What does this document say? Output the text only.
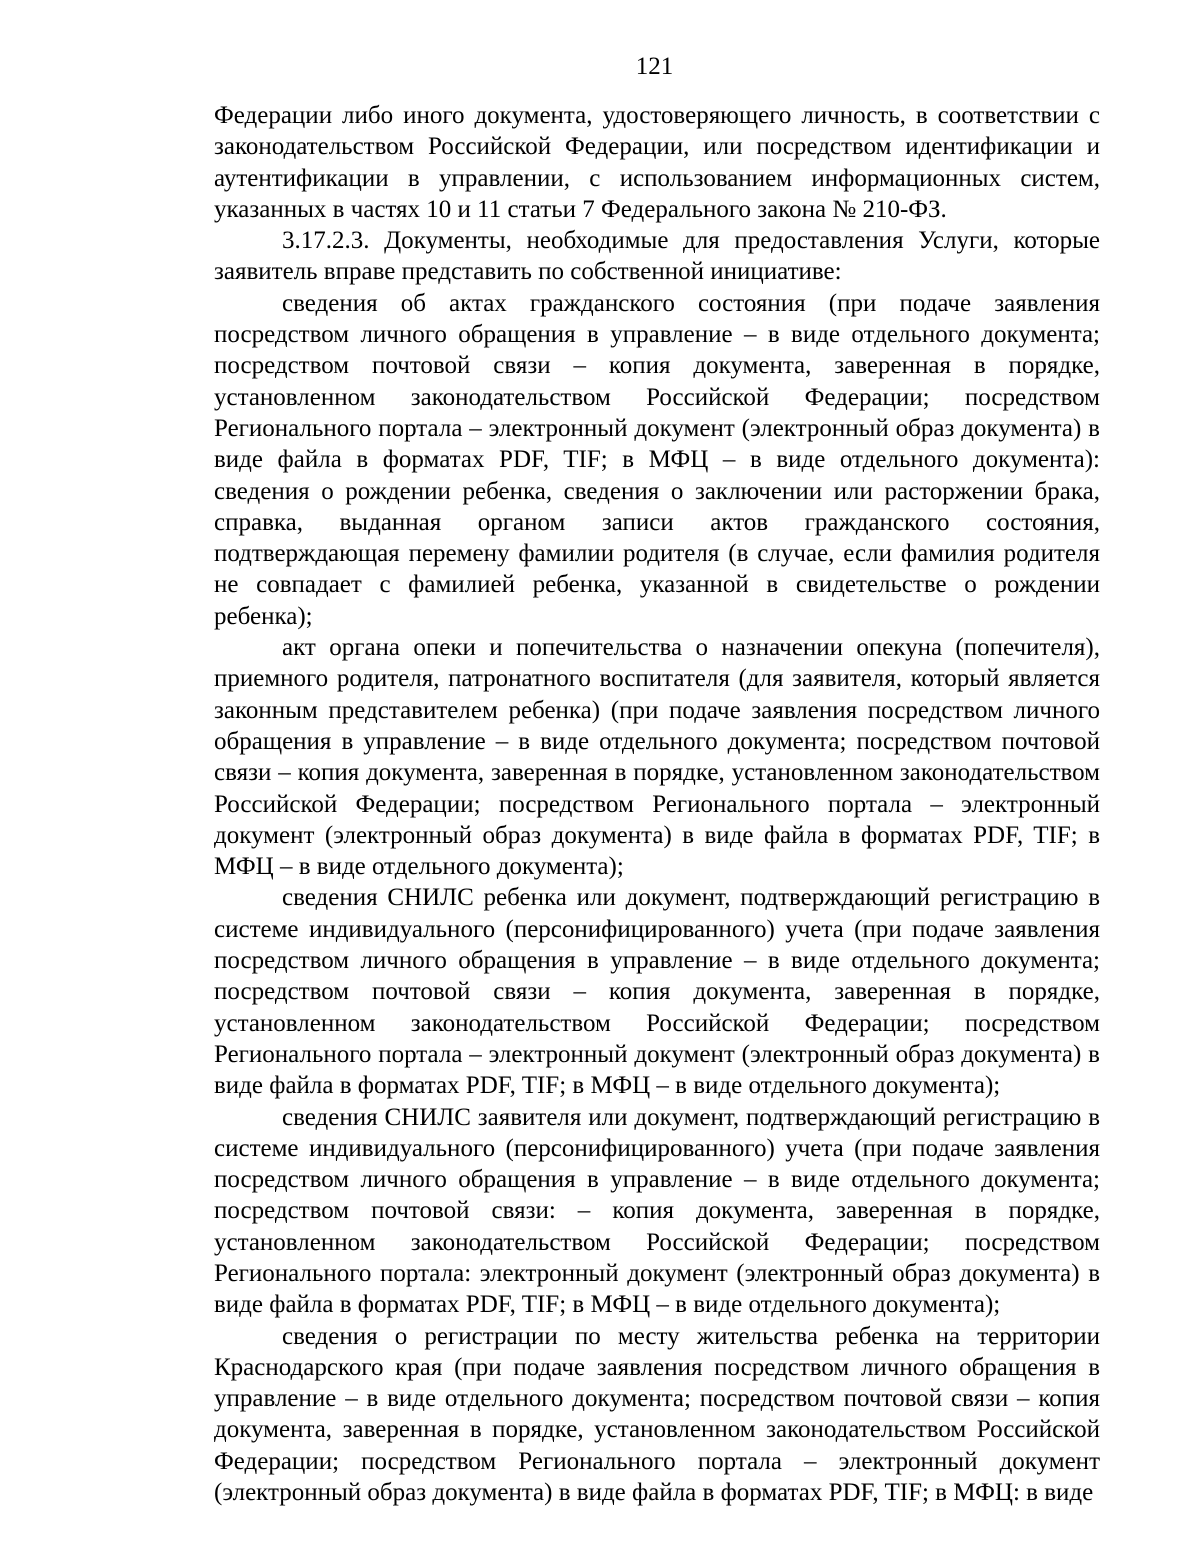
121

Федерации либо иного документа, удостоверяющего личность, в соответствии с законодательством Российской Федерации, или посредством идентификации и аутентификации в управлении, с использованием информационных систем, указанных в частях 10 и 11 статьи 7 Федерального закона № 210-ФЗ.

3.17.2.3. Документы, необходимые для предоставления Услуги, которые заявитель вправе представить по собственной инициативе:

сведения об актах гражданского состояния (при подаче заявления посредством личного обращения в управление – в виде отдельного документа; посредством почтовой связи – копия документа, заверенная в порядке, установленном законодательством Российской Федерации; посредством Регионального портала – электронный документ (электронный образ документа) в виде файла в форматах PDF, TIF; в МФЦ – в виде отдельного документа): сведения о рождении ребенка, сведения о заключении или расторжении брака, справка, выданная органом записи актов гражданского состояния, подтверждающая перемену фамилии родителя (в случае, если фамилия родителя не совпадает с фамилией ребенка, указанной в свидетельстве о рождении ребенка);

акт органа опеки и попечительства о назначении опекуна (попечителя), приемного родителя, патронатного воспитателя (для заявителя, который является законным представителем ребенка) (при подаче заявления посредством личного обращения в управление – в виде отдельного документа; посредством почтовой связи – копия документа, заверенная в порядке, установленном законодательством Российской Федерации; посредством Регионального портала – электронный документ (электронный образ документа) в виде файла в форматах PDF, TIF; в МФЦ – в виде отдельного документа);

сведения СНИЛС ребенка или документ, подтверждающий регистрацию в системе индивидуального (персонифицированного) учета (при подаче заявления посредством личного обращения в управление – в виде отдельного документа; посредством почтовой связи – копия документа, заверенная в порядке, установленном законодательством Российской Федерации; посредством Регионального портала – электронный документ (электронный образ документа) в виде файла в форматах PDF, TIF; в МФЦ – в виде отдельного документа);

сведения СНИЛС заявителя или документ, подтверждающий регистрацию в системе индивидуального (персонифицированного) учета (при подаче заявления посредством личного обращения в управление – в виде отдельного документа; посредством почтовой связи: – копия документа, заверенная в порядке, установленном законодательством Российской Федерации; посредством Регионального портала: электронный документ (электронный образ документа) в виде файла в форматах PDF, TIF; в МФЦ – в виде отдельного документа);

сведения о регистрации по месту жительства ребенка на территории Краснодарского края (при подаче заявления посредством личного обращения в управление – в виде отдельного документа; посредством почтовой связи – копия документа, заверенная в порядке, установленном законодательством Российской Федерации; посредством Регионального портала – электронный документ (электронный образ документа) в виде файла в форматах PDF, TIF; в МФЦ: в виде
